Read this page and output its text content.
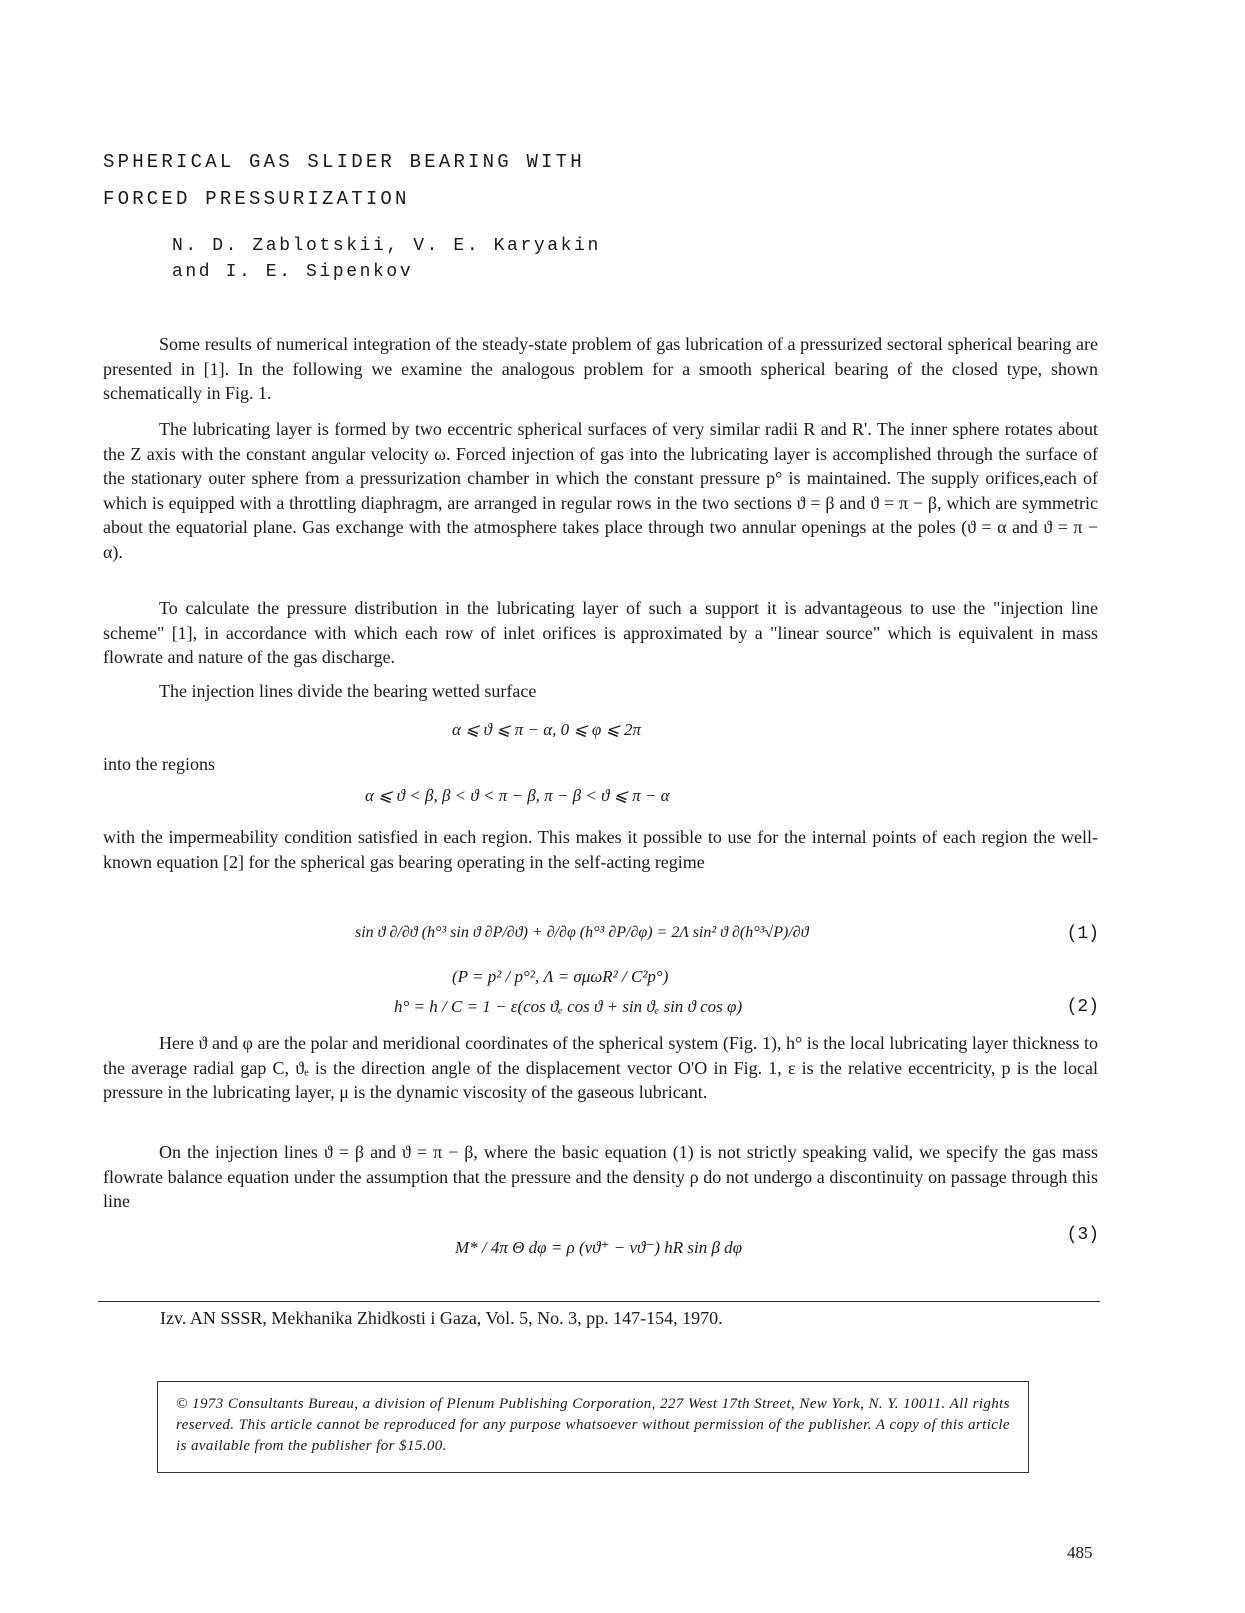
SPHERICAL GAS SLIDER BEARING WITH
FORCED PRESSURIZATION
N. D. Zablotskii, V. E. Karyakin
and I. E. Sipenkov

Some results of numerical integration of the steady-state problem of gas lubrication of a pressurized sectoral spherical bearing are presented in [1]. In the following we examine the analogous problem for a smooth spherical bearing of the closed type, shown schematically in Fig. 1.

The lubricating layer is formed by two eccentric spherical surfaces of very similar radii R and R'. The inner sphere rotates about the Z axis with the constant angular velocity ω. Forced injection of gas into the lubricating layer is accomplished through the surface of the stationary outer sphere from a pressurization chamber in which the constant pressure p° is maintained. The supply orifices,each of which is equipped with a throttling diaphragm, are arranged in regular rows in the two sections ϑ = β and ϑ = π − β, which are symmetric about the equatorial plane. Gas exchange with the atmosphere takes place through two annular openings at the poles (ϑ = α and ϑ = π − α).

To calculate the pressure distribution in the lubricating layer of such a support it is advantageous to use the "injection line scheme" [1], in accordance with which each row of inlet orifices is approximated by a "linear source" which is equivalent in mass flowrate and nature of the gas discharge.

The injection lines divide the bearing wetted surface
α ⩽ ϑ ⩽ π − α, 0 ⩽ φ ⩽ 2π
into the regions
α ⩽ ϑ < β, β < ϑ < π − β, π − β < ϑ ⩽ π − α

with the impermeability condition satisfied in each region. This makes it possible to use for the internal points of each region the well-known equation [2] for the spherical gas bearing operating in the self-acting regime

sin ϑ ∂/∂ϑ (h°³ sin ϑ ∂P/∂ϑ) + ∂/∂φ (h°³ ∂P/∂φ) = 2Λ sin² ϑ ∂(h°³√P)/∂ϑ	(1)
(P = p² / p°², Λ = σμωR² / C²p°)
h° = h / C = 1 − ε(cos ϑₑ cos ϑ + sin ϑₑ sin ϑ cos φ)	(2)

Here ϑ and φ are the polar and meridional coordinates of the spherical system (Fig. 1), h° is the local lubricating layer thickness to the average radial gap C, ϑₑ is the direction angle of the displacement vector O'O in Fig. 1, ε is the relative eccentricity, p is the local pressure in the lubricating layer, μ is the dynamic viscosity of the gaseous lubricant.

On the injection lines ϑ = β and ϑ = π − β, where the basic equation (1) is not strictly speaking valid, we specify the gas mass flowrate balance equation under the assumption that the pressure and the density ρ do not undergo a discontinuity on passage through this line

M* / 4π Θ dφ = ρ (vϑ⁺ − vϑ⁻) hR sin β dφ
(3)
Izv. AN SSSR, Mekhanika Zhidkosti i Gaza, Vol. 5, No. 3, pp. 147-154, 1970.
© 1973 Consultants Bureau, a division of Plenum Publishing Corporation, 227 West 17th Street, New York, N. Y. 10011. All rights reserved. This article cannot be reproduced for any purpose whatsoever without permission of the publisher. A copy of this article is available from the publisher for $15.00.
485
